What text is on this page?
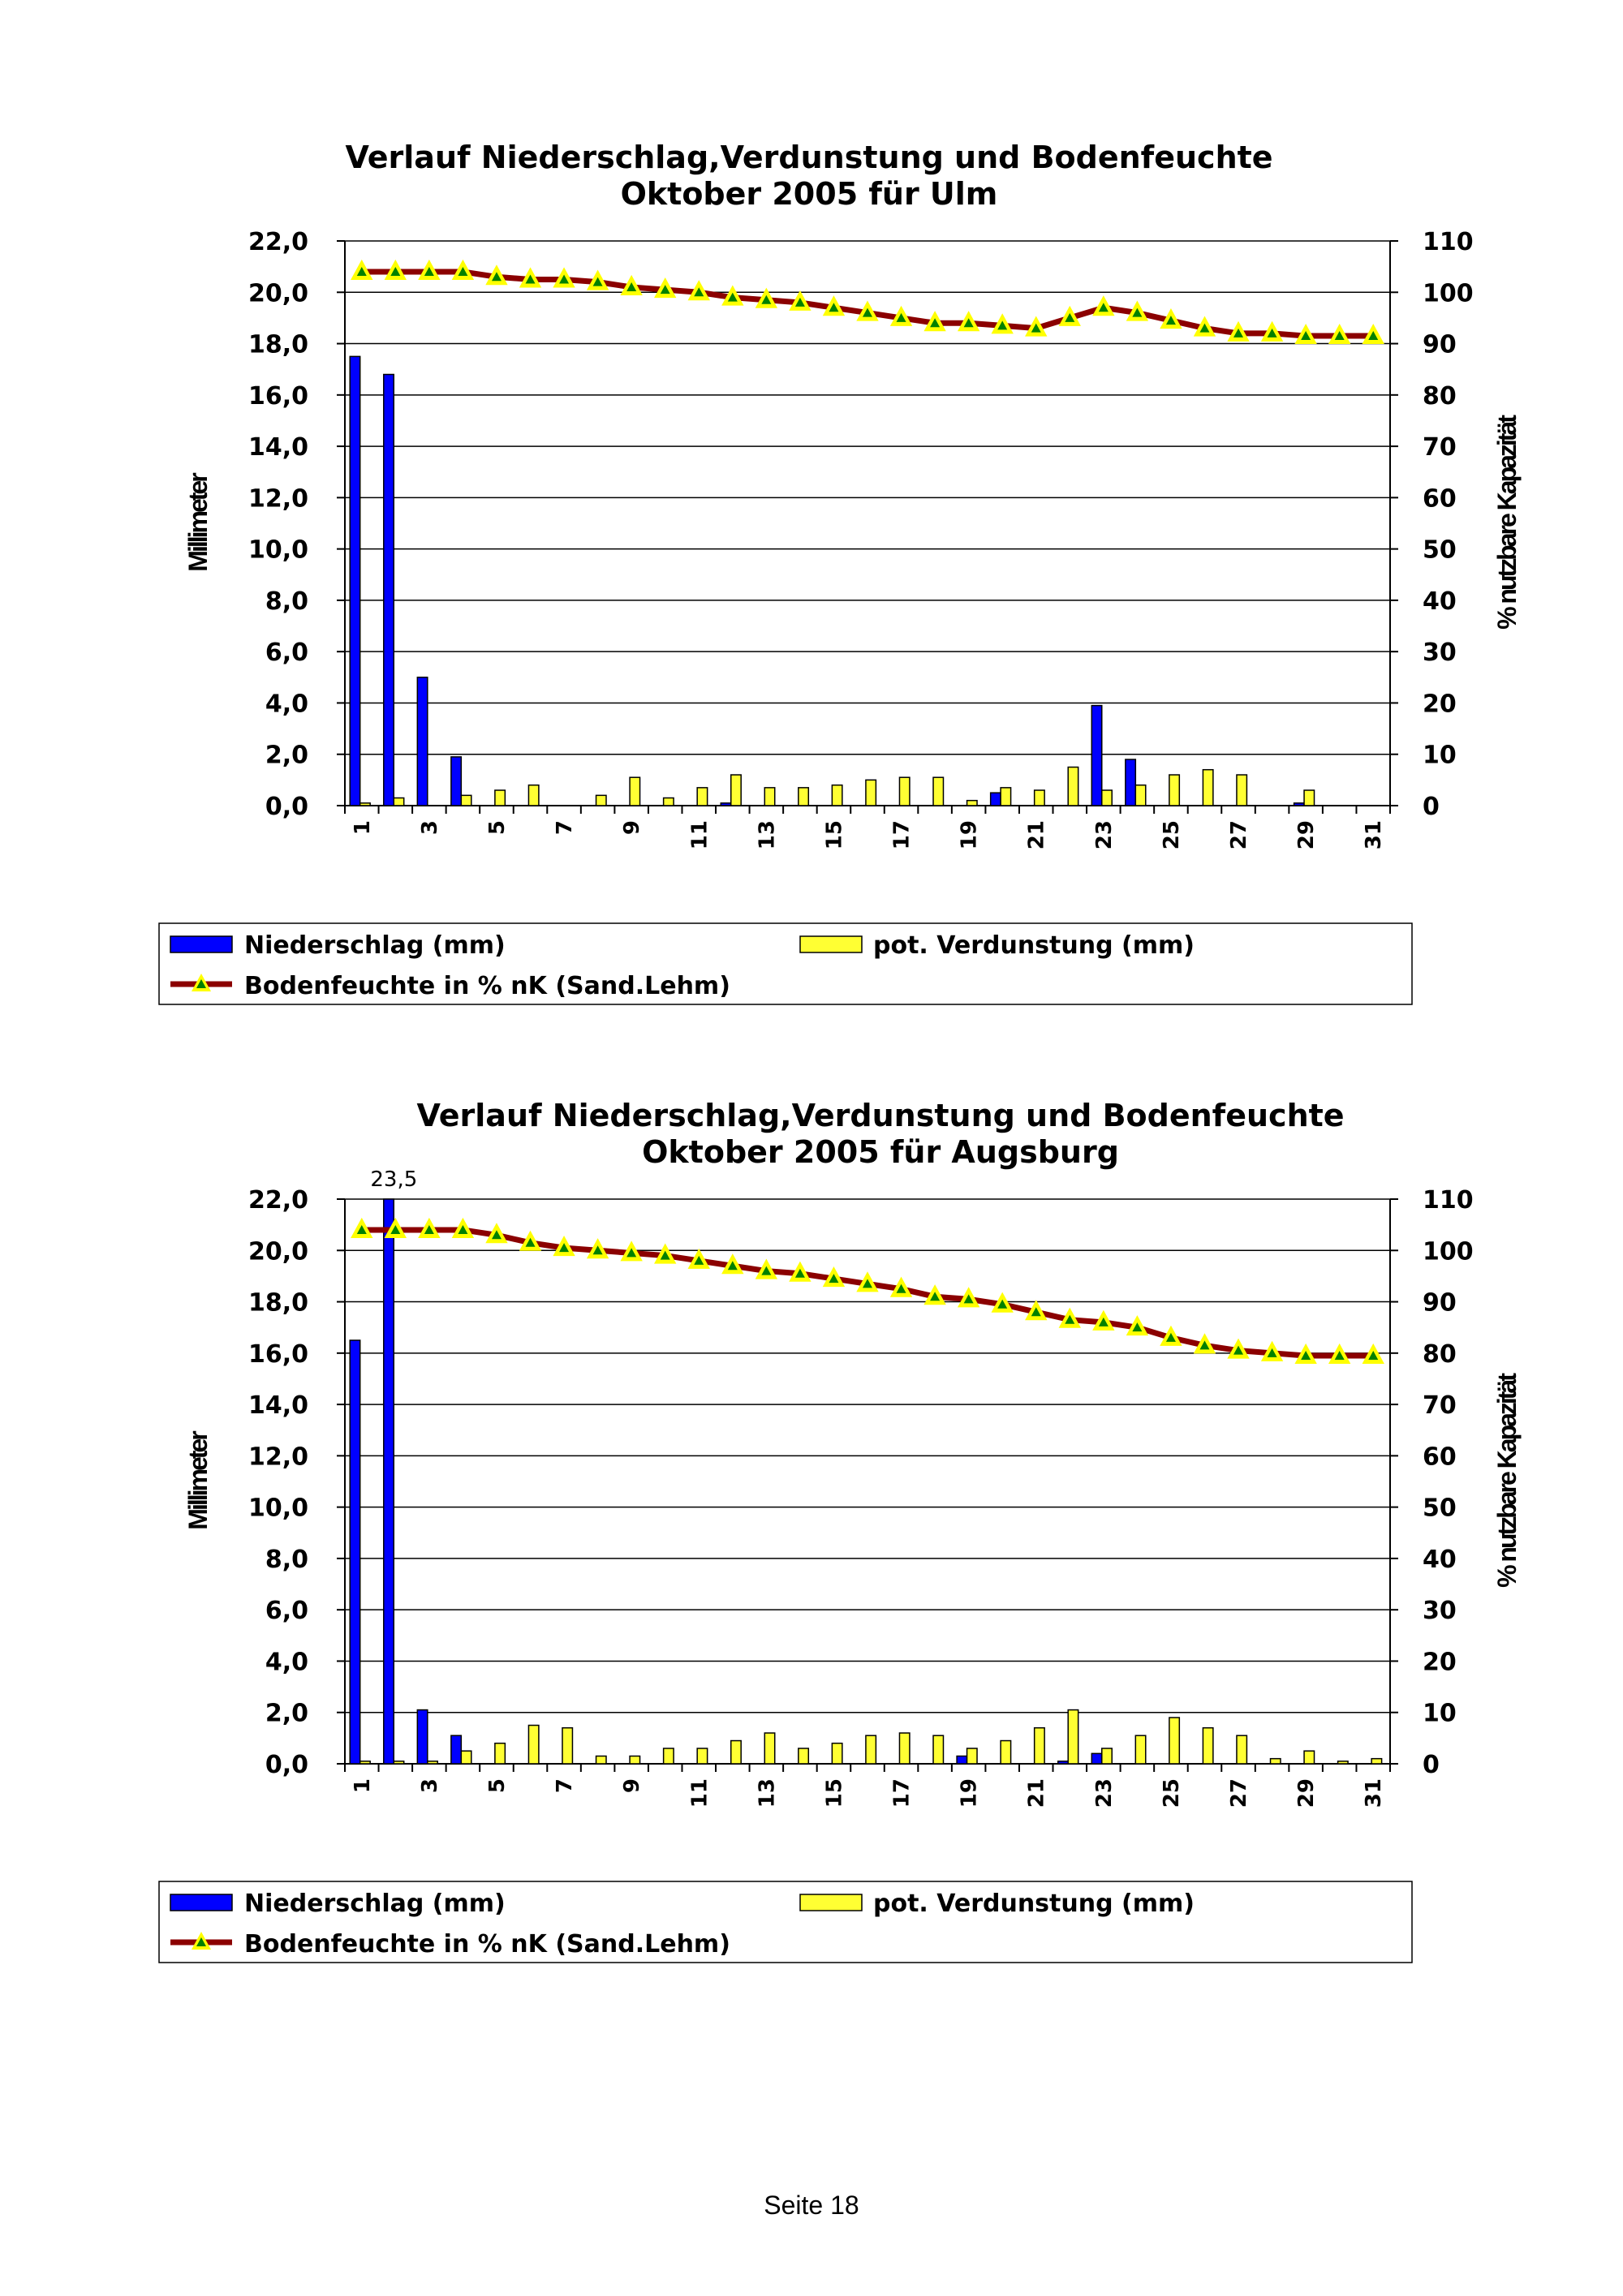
Verlauf Niederschlag,Verdunstung und Bodenfeuchte
Oktober 2005 für Ulm
0,0
2,0
4,0
6,0
8,0
10,0
12,0
14,0
16,0
18,0
20,0
22,0
0
10
20
30
40
50
60
70
80
90
100
110
1 3 5 7 9 11 13 15 17 19 21 23 25 27 29 31
Millimeter	% nutzbare Kapazität
Niederschlag (mm)	pot. Verdunstung (mm)
Bodenfeuchte in % nK (Sand.Lehm)
Verlauf Niederschlag,Verdunstung und Bodenfeuchte
Oktober 2005 für Augsburg
0,0
2,0
4,0
6,0
8,0
10,0
12,0
14,0
16,0
18,0
20,0
22,0
0
10
20
30
40
50
60
70
80
90
100
110
1 3 5 7 9 11 13 15 17 19 21 23 25 27 29 31
Millimeter	% nutzbare Kapazität
23,5
Niederschlag (mm)	pot. Verdunstung (mm)
Bodenfeuchte in % nK (Sand.Lehm)
Seite 18
